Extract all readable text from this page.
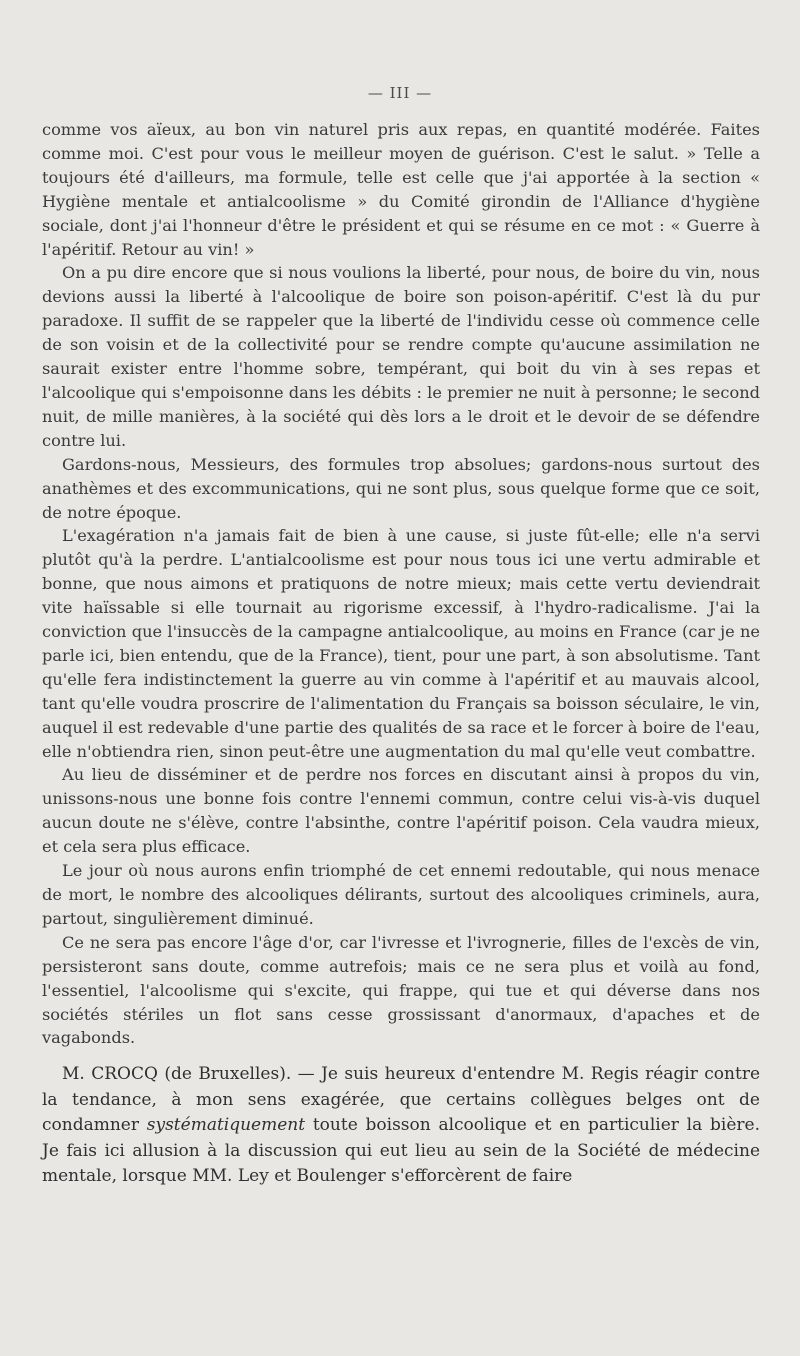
— III —

comme vos aïeux, au bon vin naturel pris aux repas, en quantité modérée. Faites comme moi. C'est pour vous le meilleur moyen de guérison. C'est le salut. » Telle a toujours été d'ailleurs, ma formule, telle est celle que j'ai apportée à la section « Hygiène mentale et antialcoolisme » du Comité girondin de l'Alliance d'hygiène sociale, dont j'ai l'honneur d'être le président et qui se résume en ce mot : « Guerre à l'apéritif. Retour au vin! »

On a pu dire encore que si nous voulions la liberté, pour nous, de boire du vin, nous devions aussi la liberté à l'alcoolique de boire son poison-apéritif. C'est là du pur paradoxe. Il suffit de se rappeler que la liberté de l'individu cesse où commence celle de son voisin et de la collectivité pour se rendre compte qu'aucune assimilation ne saurait exister entre l'homme sobre, tempérant, qui boit du vin à ses repas et l'alcoolique qui s'empoisonne dans les débits : le premier ne nuit à personne; le second nuit, de mille manières, à la société qui dès lors a le droit et le devoir de se défendre contre lui.

Gardons-nous, Messieurs, des formules trop absolues; gardons-nous surtout des anathèmes et des excommunications, qui ne sont plus, sous quelque forme que ce soit, de notre époque.

L'exagération n'a jamais fait de bien à une cause, si juste fût-elle; elle n'a servi plutôt qu'à la perdre. L'antialcoolisme est pour nous tous ici une vertu admirable et bonne, que nous aimons et pratiquons de notre mieux; mais cette vertu deviendrait vite haïssable si elle tournait au rigorisme excessif, à l'hydro-radicalisme. J'ai la conviction que l'insuccès de la campagne antialcoolique, au moins en France (car je ne parle ici, bien entendu, que de la France), tient, pour une part, à son absolutisme. Tant qu'elle fera indistinctement la guerre au vin comme à l'apéritif et au mauvais alcool, tant qu'elle voudra proscrire de l'alimentation du Français sa boisson séculaire, le vin, auquel il est redevable d'une partie des qualités de sa race et le forcer à boire de l'eau, elle n'obtiendra rien, sinon peut-être une augmentation du mal qu'elle veut combattre.

Au lieu de disséminer et de perdre nos forces en discutant ainsi à propos du vin, unissons-nous une bonne fois contre l'ennemi commun, contre celui vis-à-vis duquel aucun doute ne s'élève, contre l'absinthe, contre l'apéritif poison. Cela vaudra mieux, et cela sera plus efficace.

Le jour où nous aurons enfin triomphé de cet ennemi redoutable, qui nous menace de mort, le nombre des alcooliques délirants, surtout des alcooliques criminels, aura, partout, singulièrement diminué.

Ce ne sera pas encore l'âge d'or, car l'ivresse et l'ivrognerie, filles de l'excès de vin, persisteront sans doute, comme autrefois; mais ce ne sera plus et voilà au fond, l'essentiel, l'alcoolisme qui s'excite, qui frappe, qui tue et qui déverse dans nos sociétés stériles un flot sans cesse grossissant d'anormaux, d'apaches et de vagabonds.

M. CROCQ (de Bruxelles). — Je suis heureux d'entendre M. Regis réagir contre la tendance, à mon sens exagérée, que certains collègues belges ont de condamner systématiquement toute boisson alcoolique et en particulier la bière. Je fais ici allusion à la discussion qui eut lieu au sein de la Société de médecine mentale, lorsque MM. Ley et Boulenger s'efforcèrent de faire
